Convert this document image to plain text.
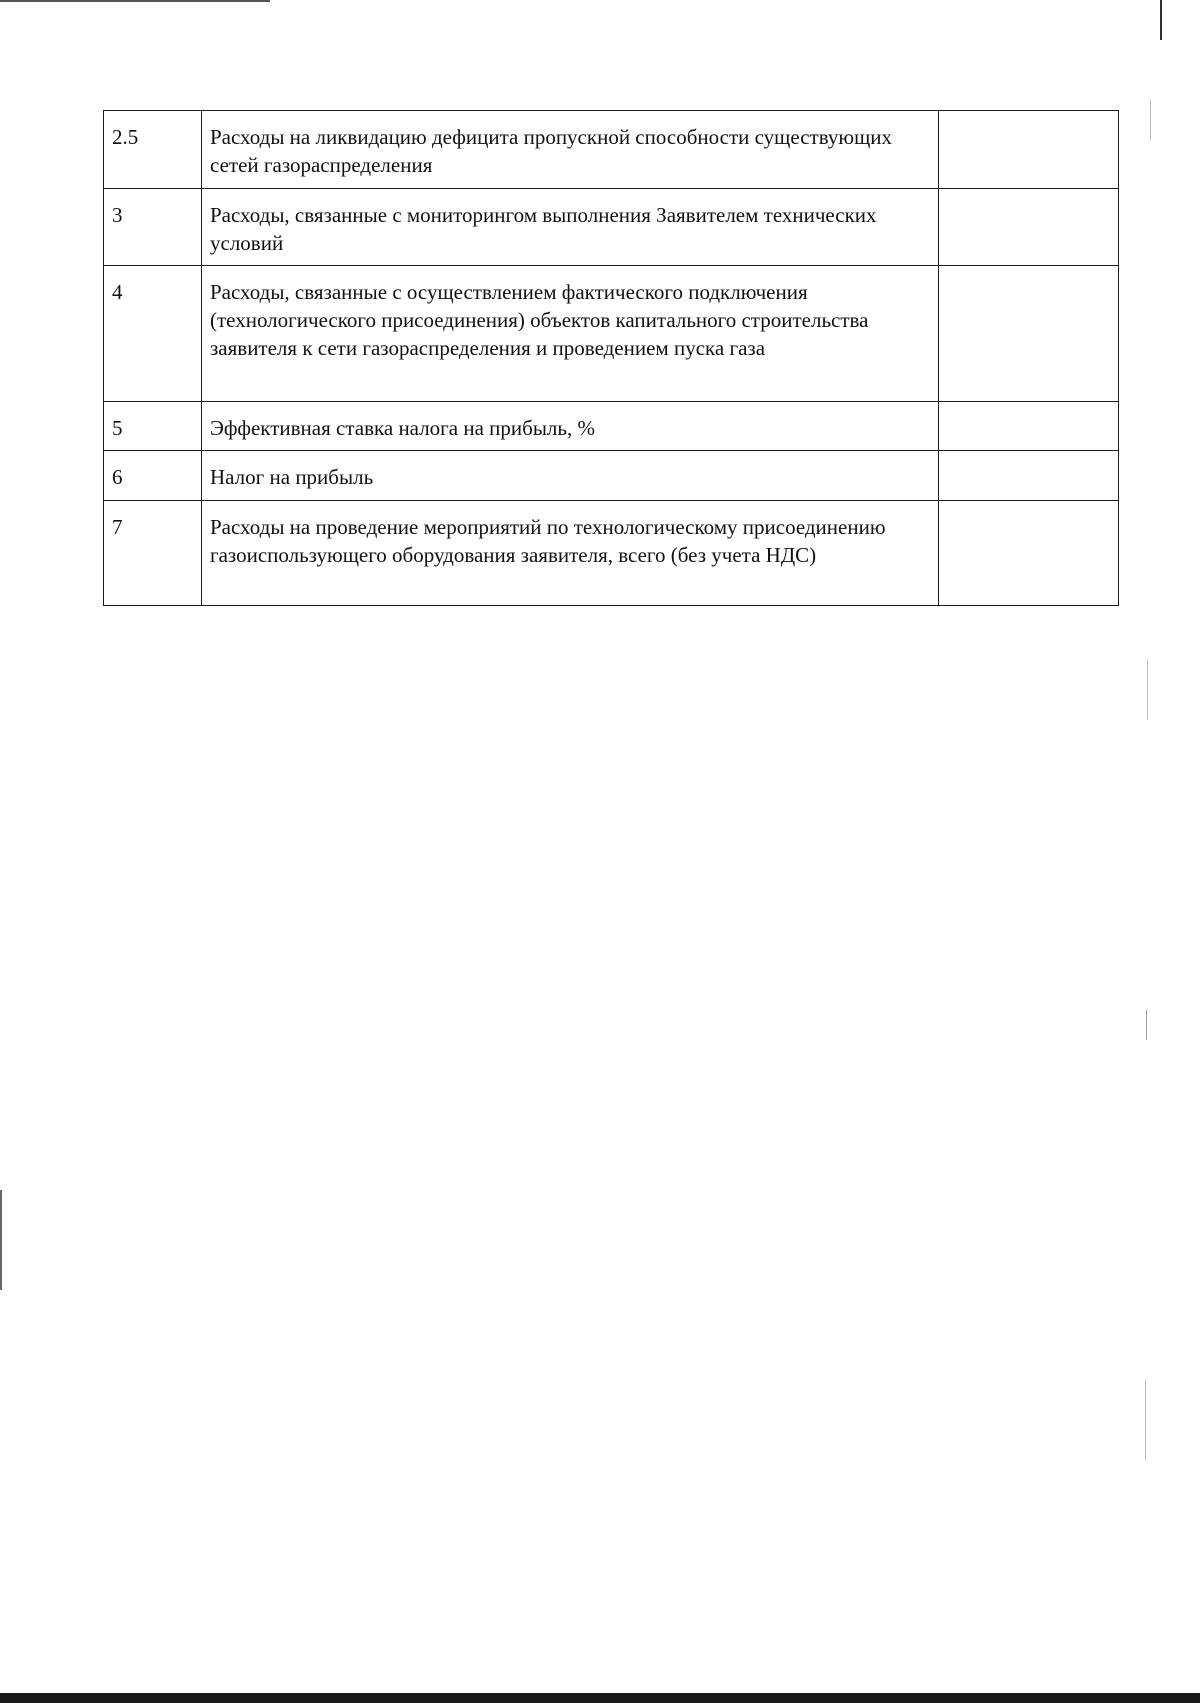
2.5	Расходы на ликвидацию дефицита пропускной способности существующих сетей газораспределения	
3	Расходы, связанные с мониторингом выполнения Заявителем технических условий	
4	Расходы, связанные с осуществлением фактического подключения (технологического присоединения) объектов капитального строительства заявителя к сети газораспределения и проведением пуска газа	
5	Эффективная ставка налога на прибыль, %	
6	Налог на прибыль	
7	Расходы на проведение мероприятий по технологическому присоединению газоиспользующего оборудования заявителя, всего (без учета НДС)	
